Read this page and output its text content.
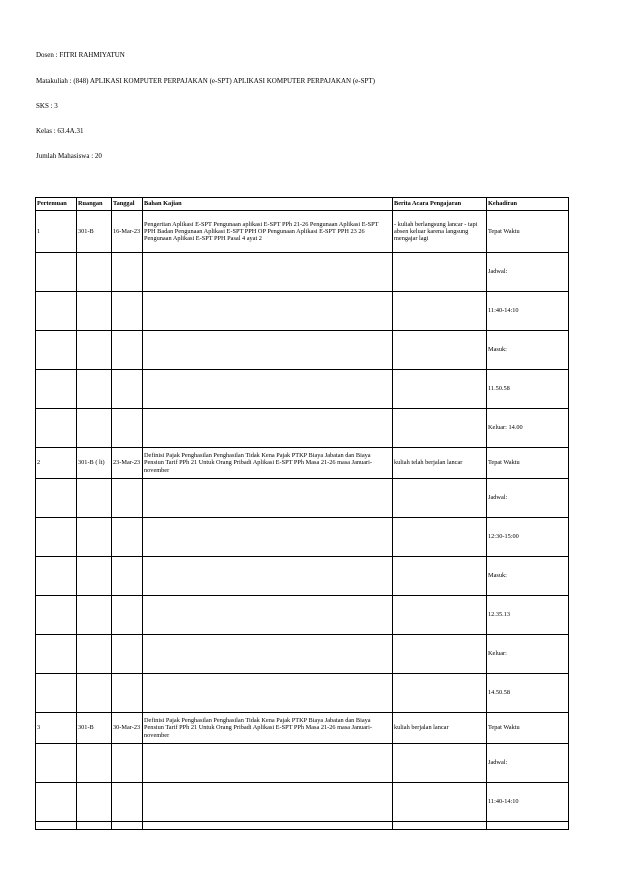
Dosen : FITRI RAHMIYATUN
Matakuliah : (848) APLIKASI KOMPUTER PERPAJAKAN (e-SPT) APLIKASI KOMPUTER PERPAJAKAN (e-SPT)
SKS : 3
Kelas : 63.4A.31
Jumlah Mahasiswa : 20
Pertemuan	Ruangan	Tanggal	Bahan Kajian	Berita Acara Pengajaran	Kehadiran
1	301-B	16-Mar-23	Pengertian Aplikasi E-SPT Pengunaan aplikasi E-SPT PPh 21-26 Pengunaan Aplikasi E-SPT PPH Badan Pengunaan Aplikasi E-SPT PPH OP Pengunaan Aplikasi E-SPT PPH 23 26 Pengunaan Aplikasi E-SPT PPH Pasal 4 ayat 2	- kuliah berlangsung lancar - tapi absen keluar karena langsung mengajar lagi	Tepat Waktu
					Jadwal:
					11:40-14:10
					Masuk:
					11.50.58
					Keluar: 14.00
2	301-B ( lt)	23-Mar-23	Definisi Pajak Penghasilan Penghasilan Tidak Kena Pajak PTKP Biaya Jabatan dan Biaya Pensiun Tarif PPh 21 Untuk Orang Pribadi Aplikasi E-SPT PPh Masa 21-26 masa Januari-november	kuliah telah berjalan lancar	Tepat Waktu
					Jadwal:
					12:30-15:00
					Masuk:
					12.35.13
					Keluar:
					14.50.58
3	301-B	30-Mar-23	Definisi Pajak Penghasilan Penghasilan Tidak Kena Pajak PTKP Biaya Jabatan dan Biaya Pensiun Tarif PPh 21 Untuk Orang Pribadi Aplikasi E-SPT PPh Masa 21-26 masa Januari-november	kuliah berjalan lancar	Tepat Waktu
					Jadwal:
					11:40-14:10
